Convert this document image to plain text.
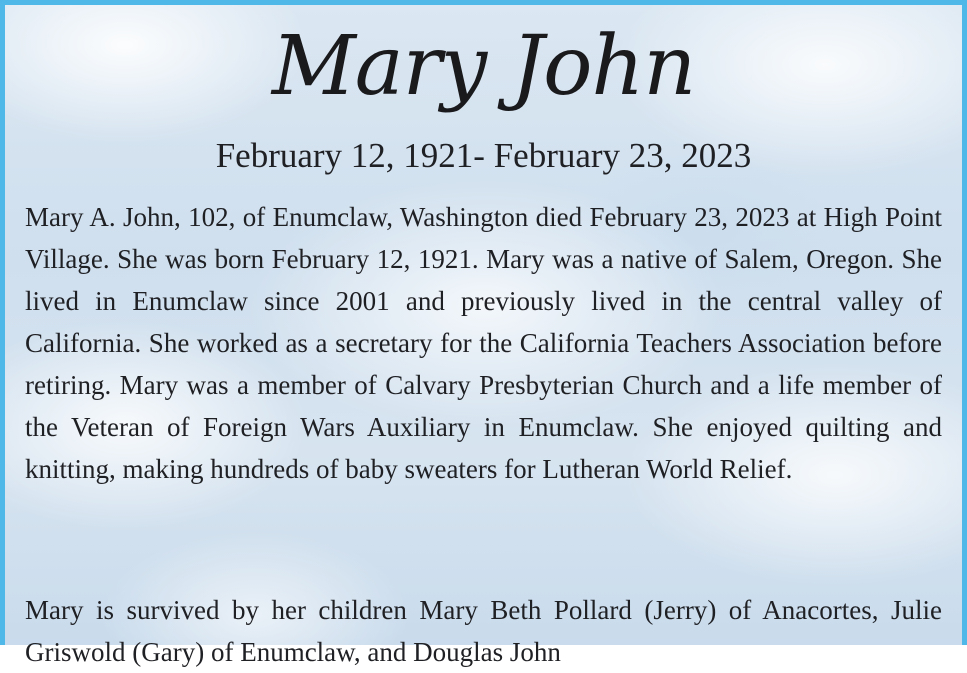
Mary John
February 12, 1921- February 23, 2023

Mary A. John, 102, of Enumclaw, Washington died February 23, 2023 at High Point Village. She was born February 12, 1921. Mary was a native of Salem, Oregon. She lived in Enumclaw since 2001 and previously lived in the central valley of California. She worked as a secretary for the California Teachers Association before retiring. Mary was a member of Calvary Presbyterian Church and a life member of the Veteran of Foreign Wars Auxiliary in Enumclaw. She enjoyed quilting and knitting, making hundreds of baby sweaters for Lutheran World Relief.

Mary is survived by her children Mary Beth Pollard (Jerry) of Anacortes, Julie Griswold (Gary) of Enumclaw, and Douglas John
